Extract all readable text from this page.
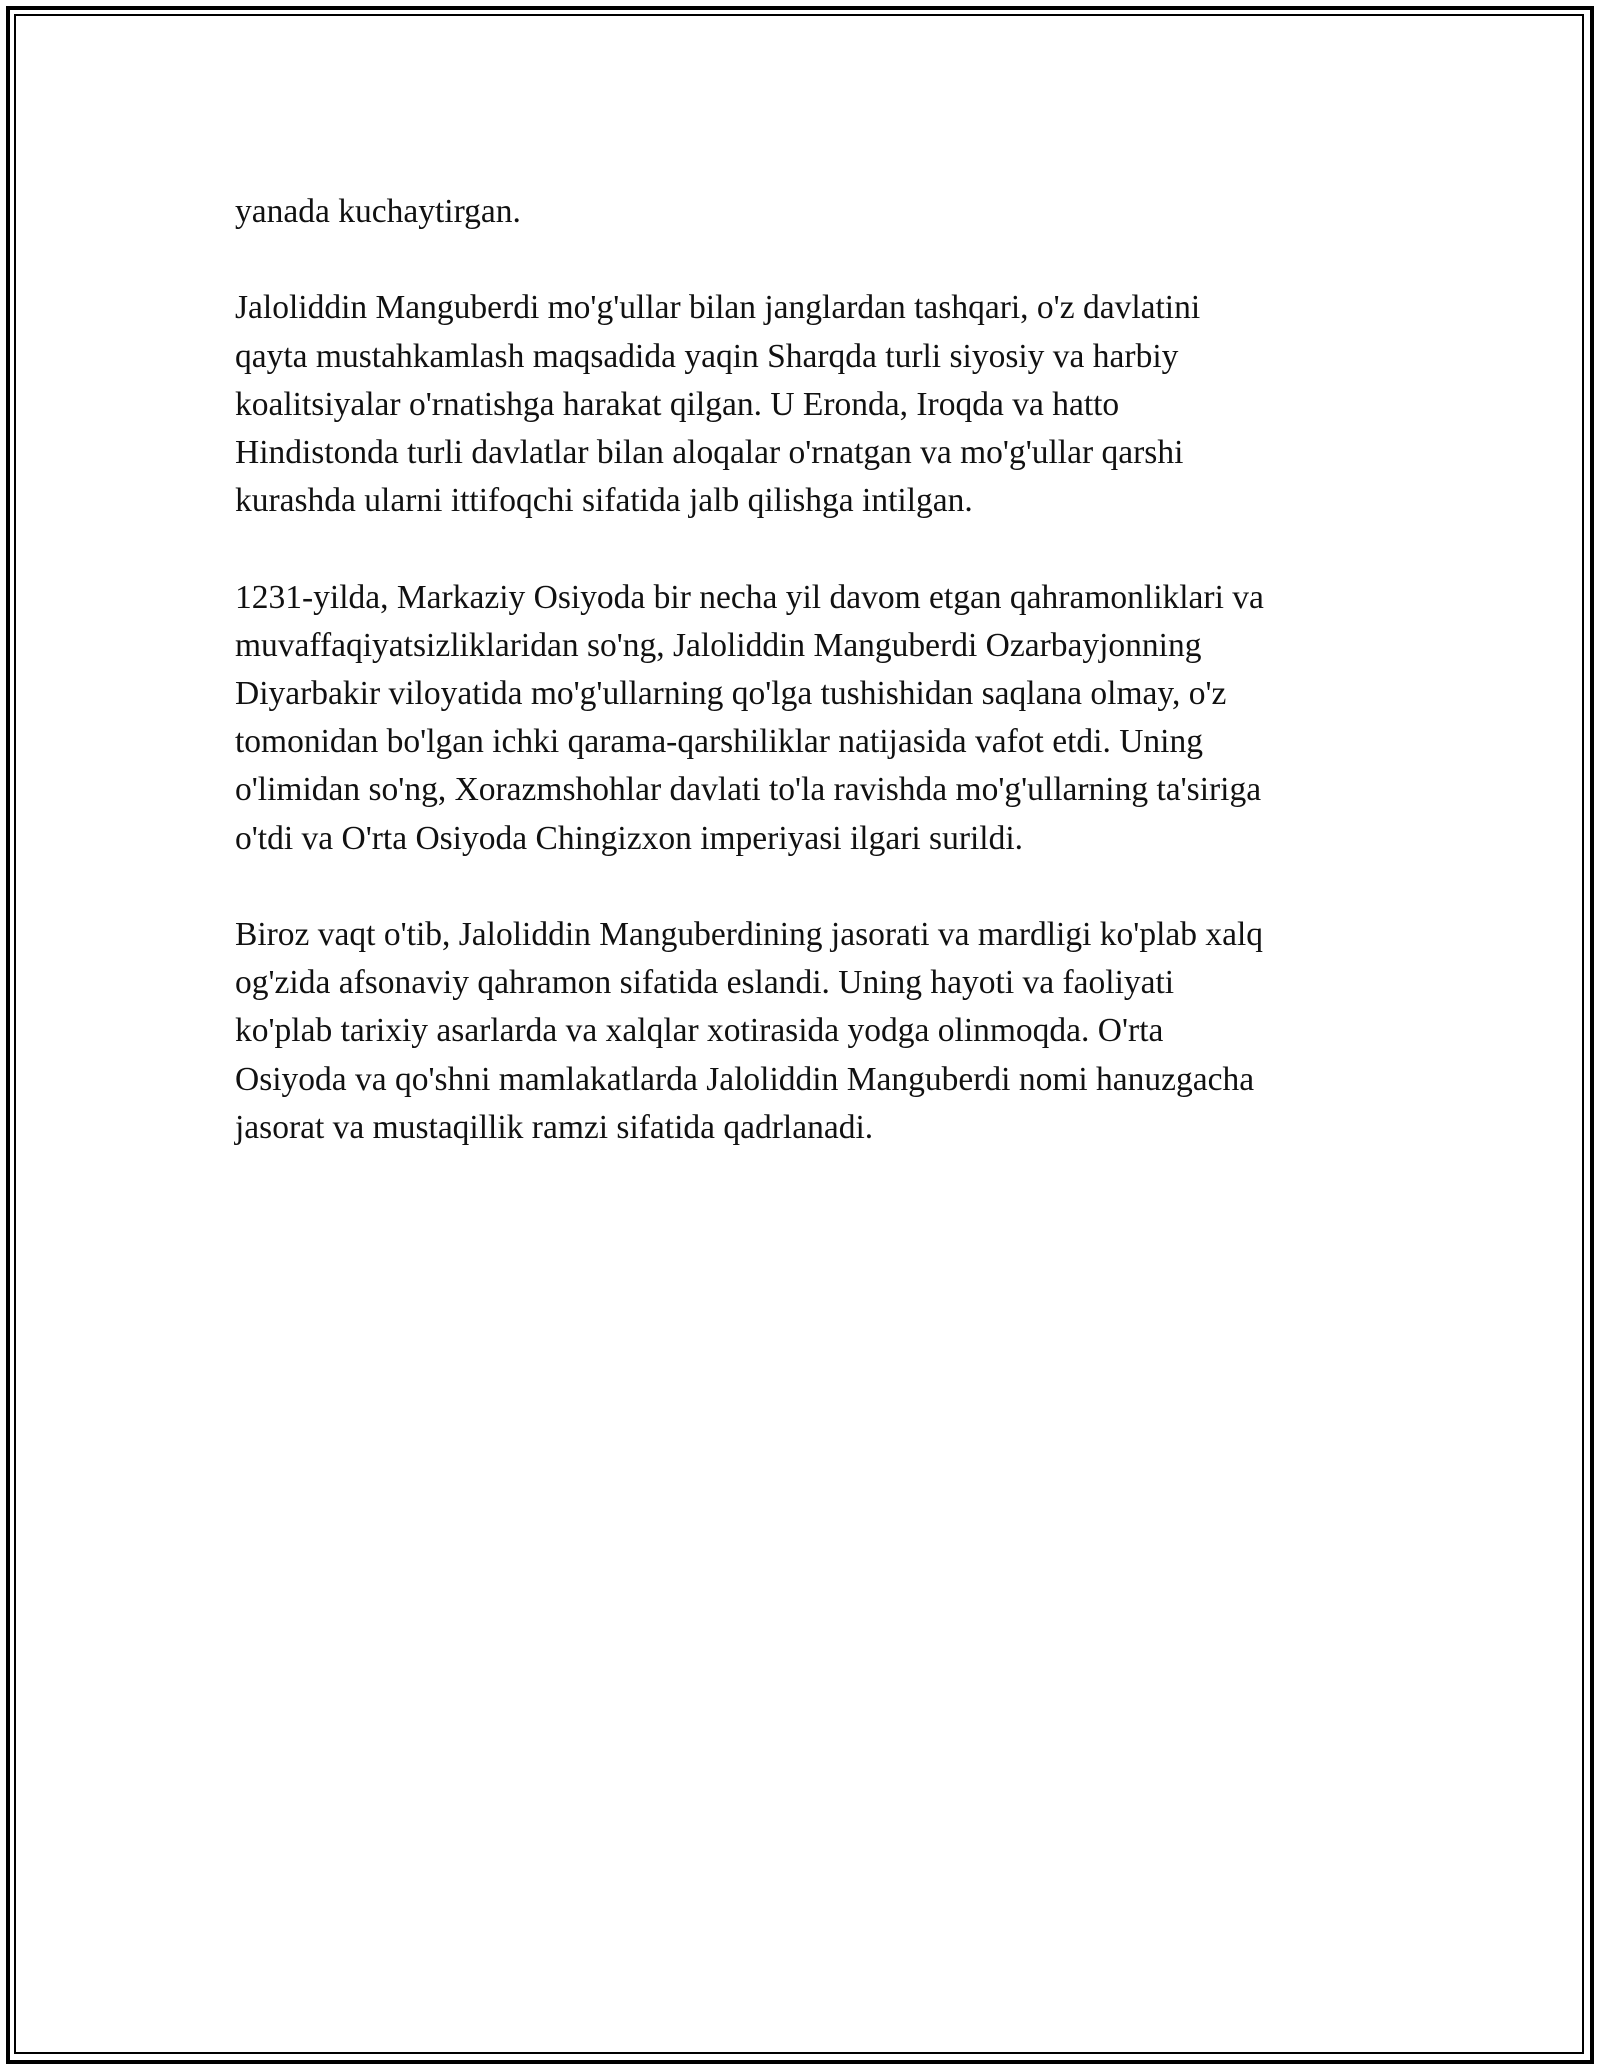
yanada kuchaytirgan.

Jaloliddin Manguberdi mo'g'ullar bilan janglardan tashqari, o'z davlatini
qayta mustahkamlash maqsadida yaqin Sharqda turli siyosiy va harbiy
koalitsiyalar o'rnatishga harakat qilgan. U Eronda, Iroqda va hatto
Hindistonda turli davlatlar bilan aloqalar o'rnatgan va mo'g'ullar qarshi
kurashda ularni ittifoqchi sifatida jalb qilishga intilgan.

1231-yilda, Markaziy Osiyoda bir necha yil davom etgan qahramonliklari va
muvaffaqiyatsizliklaridan so'ng, Jaloliddin Manguberdi Ozarbayjonning
Diyarbakir viloyatida mo'g'ullarning qo'lga tushishidan saqlana olmay, o'z
tomonidan bo'lgan ichki qarama-qarshiliklar natijasida vafot etdi. Uning
o'limidan so'ng, Xorazmshohlar davlati to'la ravishda mo'g'ullarning ta'siriga
o'tdi va O'rta Osiyoda Chingizxon imperiyasi ilgari surildi.

Biroz vaqt o'tib, Jaloliddin Manguberdining jasorati va mardligi ko'plab xalq
og'zida afsonaviy qahramon sifatida eslandi. Uning hayoti va faoliyati
ko'plab tarixiy asarlarda va xalqlar xotirasida yodga olinmoqda. O'rta
Osiyoda va qo'shni mamlakatlarda Jaloliddin Manguberdi nomi hanuzgacha
jasorat va mustaqillik ramzi sifatida qadrlanadi.
